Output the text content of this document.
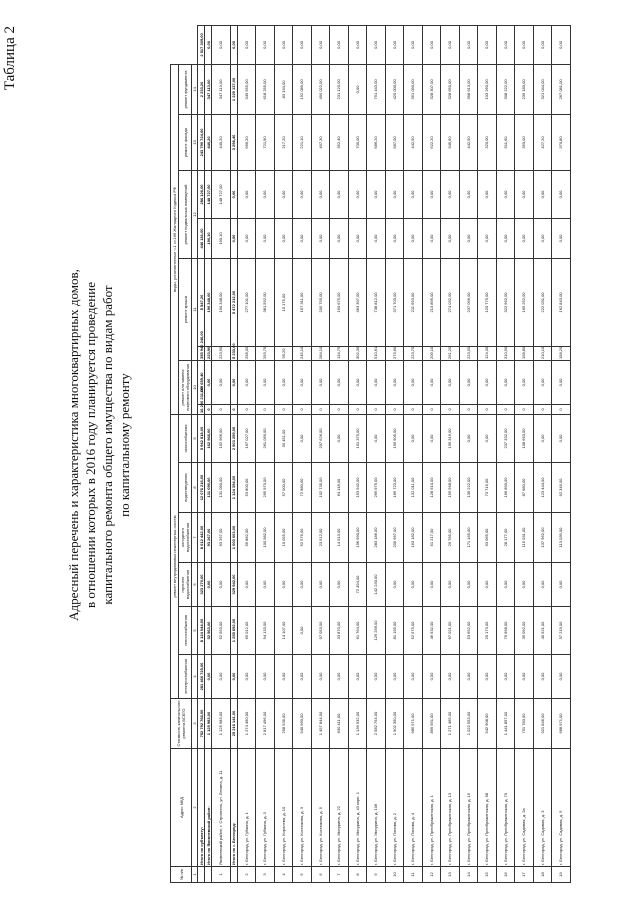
Таблица 2
Адресный перечень и характеристика многоквартирных домов, в отношении которых в 2016 году планируется проведение капитального ремонта общего имущества по видам работ по капитальному ремонту
№ п/п	Адрес МКД	Стоимость капитального ремонта ВСЕГО	ремонт внутридомовых инженерных систем						виды, установленные ч.1 ст.166 Жилищного Кодекса РФ								
			электроснабжения	теплоснабжения	горячего водоснабжения	холодного водоснабжения	водоотведения	газоснабжения	ремонт или замена лифтового оборудования		ремонт крыши		ремонт подвальных помещений		ремонт фасада	ремонт фундамента	
1	2	3	4	5	6	7	8	9	10		11		12		13	14	
	Итого по субъекту:	752 792 766,00	281 460 725,00	8 124 044,00	323 270,00	8 012 442,00	12 076 216,00	5 942 818,00	16 250 231,00	109 659,40	355 942 246,00	5 547,20	446 181,00	286 126,00	243 790 724,00	2 233,20	2 517 309,00
	Итого по Яковлевский район:	1 125 983,00	0,00	52 563,00	0,00	93 267,00	131 090,00	162 966,00	0	0,00	223,90	190 348,00	190,10	148 727,00	440,20	347 113,00	0,00
1	Яковлевский район, г. Строитель, ул. Ленина, д. 11	1 125 983,00	0,00	52 563,00	0,00	93 267,00	131 090,00	162 966,00	0	0,00	223,90	190 348,00	190,10	148 727,00	440,20	347 113,00	0,00
	Итого по г. Белгород:	25 216 141,00	0,00	1 255 692,00	329 942,00	1 000 003,00	1 124 394,00	2 503 259,00	0	0,00	5 233,00	5 472 212,00	0,00	0,00	3 298,40	1 229 137,00	0,00
2	г. Белгород, ул. Губкина, д. 1	1 274 460,00	0,00	65 012,00	0,00	56 882,00	53 800,00	167 027,00	0	0,00	258,00	277 101,00	0,00	0,00	666,20	349 555,00	0,00
3	г. Белгород, ул. Губкина, д. 3	2 817 496,00	0,00	94 133,00	0,00	100 982,00	295 970,00	261 069,00	0	0,00	293,70	381 592,00	0,00	0,00	721,90	618 255,00	0,00
4	г. Белгород, ул. Королева, д. 10	258 535,00	0,00	14 107,00	0,00	10 055,00	57 000,00	30 451,00	0	0,00	95,20	15 175,00	0,00	0,00	217,20	83 164,00	0,00
5	г. Белгород, ул. Костюкова, д. 3	940 960,00	0,00	0,00	0,00	52 576,00	72 980,00	0,00	0	0,00	245,10	157 311,00	0,00	0,00	221,10	192 089,00	0,00
6	г. Белгород, ул. Костюкова, д. 5	1 457 844,00	0,00	97 053,00	0,00	23 512,00	102 735,00	207 626,00	0	0,00	284,10	205 755,00	0,00	0,00	497,30	490 022,00	0,00
7	г. Белгород, ул. Мичурина, д. 22	630 411,00	0,00	33 870,00	0,00	14 013,00	64 118,00	0,00	0	0,00	134,70	150 675,00	0,00	0,00	352,40	231 120,00	0,00
8	г. Белгород, ул. Мичурина, д. 43 корп. 1	1 139 932,00	0,00	61 764,00	72 494,00	196 990,00	153 942,00	191 375,00	0	0,00	302,30	463 397,00	0,00	0,00	705,00	0,00	0,00
9	г. Белгород, ул. Мичурина, д. 106	2 582 754,00	0,00	129 256,00	142 230,00	283 186,00	299 979,00	0,00	0	0,00	510,61	738 812,00	0,00	0,00	686,20	791 443,00	0,00
10	г. Белгород, ул. Попова, д. 2	1 902 350,00	0,00	81 195,00	0,00	205 667,00	166 723,00	199 905,00	0	0,00	273,60	371 703,00	0,00	0,00	587,00	420 000,00	0,00
11	г. Белгород, ул. Попова, д. 4	985 971,00	0,00	52 975,00	0,00	163 182,00	132 011,00	0,00	0	0,00	223,70	211 693,00	0,00	0,00	442,50	351 090,00	0,00
12	г. Белгород, ул. Преображенская, д. 1	899 951,00	0,00	46 532,00	0,00	51 217,00	128 610,00	0,00	0	0,00	209,10	213 899,00	0,00	0,00	622,20	328 307,00	0,00
13	г. Белгород, ул. Преображенская, д. 13	1 271 465,00	0,00	67 021,00	0,00	20 785,00	159 568,00	195 316,00	0	0,00	261,20	274 032,00	0,00	0,00	345,60	328 650,00	0,00
14	г. Белгород, ул. Преображенская, д. 15	1 022 553,00	0,00	53 652,00	0,00	171 165,00	139 222,00	0,00	0	0,00	223,50	237 066,00	0,00	0,00	442,50	398 613,00	0,00
15	г. Белгород, ул. Преображенская, д. 68	542 908,00	0,00	29 173,00	0,00	93 065,00	73 716,00	0,00	0	0,00	124,30	120 775,00	0,00	0,00	320,00	103 260,00	0,00
16	г. Белгород, ул. Преображенская, д. 70	1 441 857,00	0,00	76 998,00	0,00	28 177,00	196 890,00	237 332,00	0	0,00	310,90	322 962,00	0,00	0,00	511,60	308 222,00	0,00
17	г. Белгород, ул. Садовая, д. 2а	751 783,00	0,00	35 092,00	0,00	115 031,00	87 680,00	108 663,00	0	0,00	158,80	165 252,00	0,00	0,00	350,00	239 180,00	0,00
18	г. Белгород, ул. Садовая, д. 3	921 846,00	0,00	40 521,00	0,00	137 962,00	123 444,00	0,00	0	0,00	210,10	222 031,00	0,00	0,00	427,20	321 044,00	0,00
19	г. Белгород, ул. Садовая, д. 5	668 971,00	0,00	37 219,00	0,00	113 039,00	92 349,00	0,00	0	0,00	158,20	162 843,00	0,00	0,00	370,80	267 081,00	0,00
